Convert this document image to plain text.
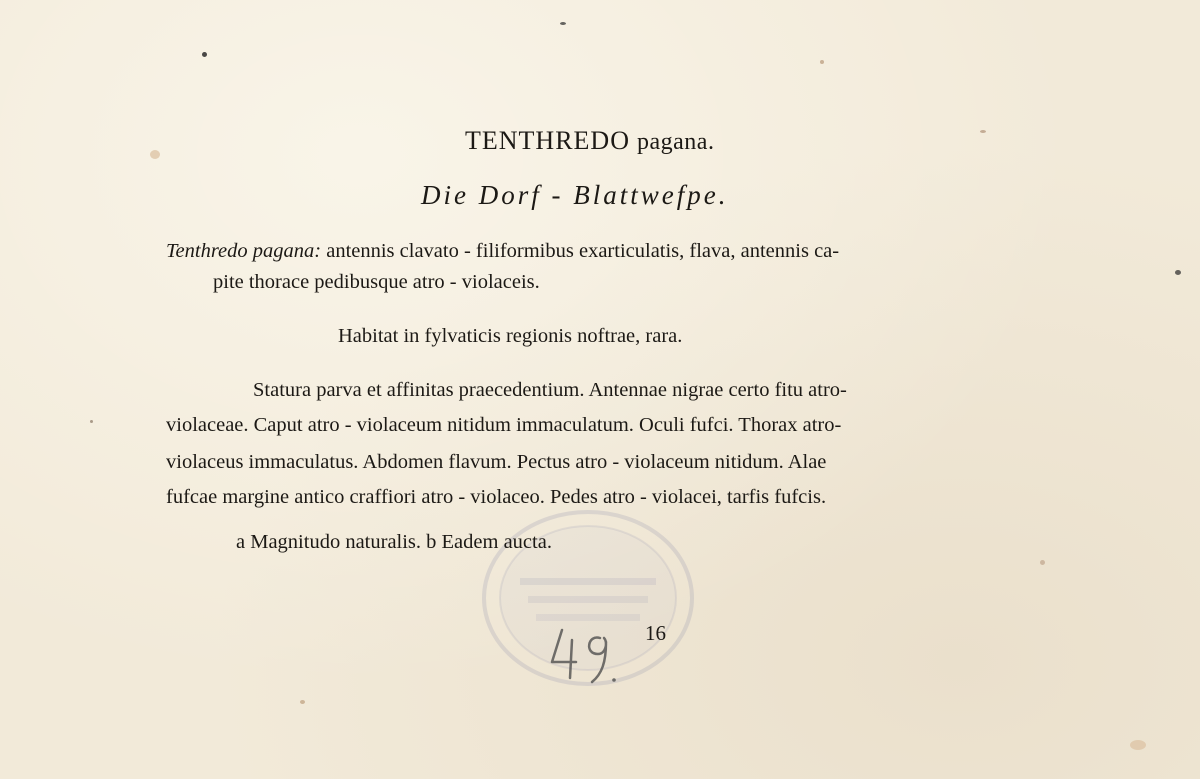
TENTHREDO pagana.
Die Dorf - Blattwefpe.
Tenthredo pagana: antennis clavato - filiformibus exarticulatis, flava, antennis ca-
pite thorace pedibusque atro - violaceis.
Habitat in fylvaticis regionis noftrae, rara.
Statura parva et affinitas praecedentium. Antennae nigrae certo fitu atro-
violaceae. Caput atro - violaceum nitidum immaculatum. Oculi fufci. Thorax atro-
violaceus immaculatus. Abdomen flavum. Pectus atro - violaceum nitidum. Alae
fufcae margine antico craffiori atro - violaceo. Pedes atro - violacei, tarfis fufcis.
a Magnitudo naturalis. b Eadem aucta.
16
